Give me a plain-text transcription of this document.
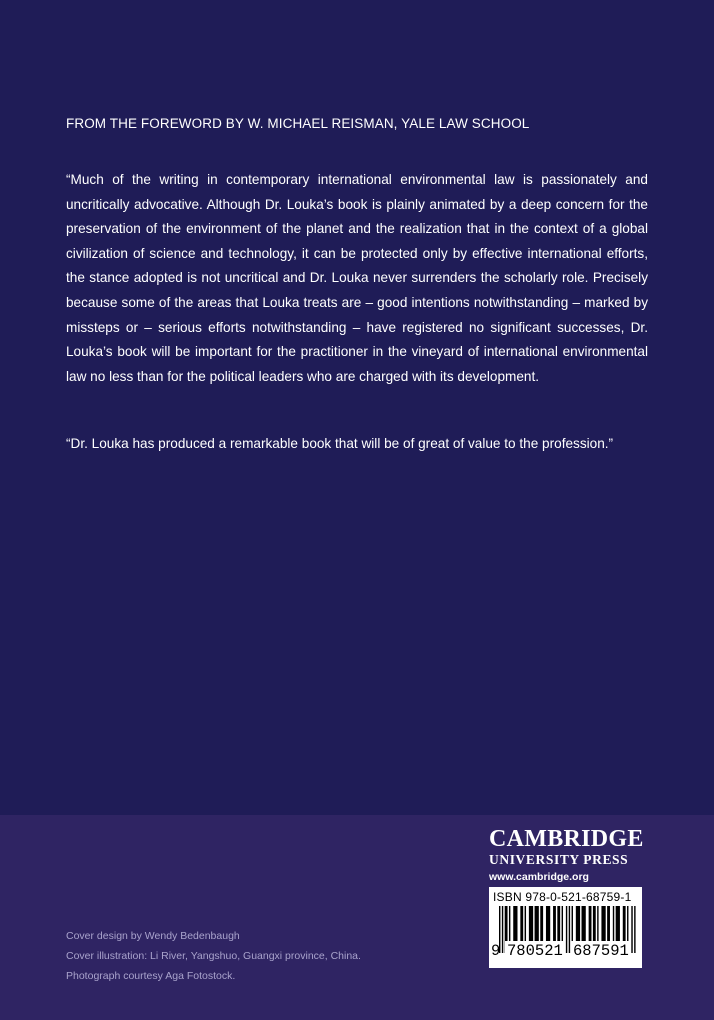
FROM THE FOREWORD BY W. MICHAEL REISMAN, YALE LAW SCHOOL
“Much of the writing in contemporary international environmental law is passionately and uncritically advocative. Although Dr. Louka’s book is plainly animated by a deep concern for the preservation of the environment of the planet and the realization that in the context of a global civilization of science and technology, it can be protected only by effective international efforts, the stance adopted is not uncritical and Dr. Louka never surrenders the scholarly role. Precisely because some of the areas that Louka treats are – good intentions notwithstanding – marked by missteps or – serious efforts notwithstanding – have registered no significant successes, Dr. Louka’s book will be important for the practitioner in the vineyard of international environmental law no less than for the political leaders who are charged with its development.
“Dr. Louka has produced a remarkable book that will be of great of value to the profession.”
Cover design by Wendy Bedenbaugh
Cover illustration: Li River, Yangshuo, Guangxi province, China.
Photograph courtesy Aga Fotostock.
CAMBRIDGE
UNIVERSITY PRESS
www.cambridge.org
ISBN 978-0-521-68759-1
9 780521 687591
